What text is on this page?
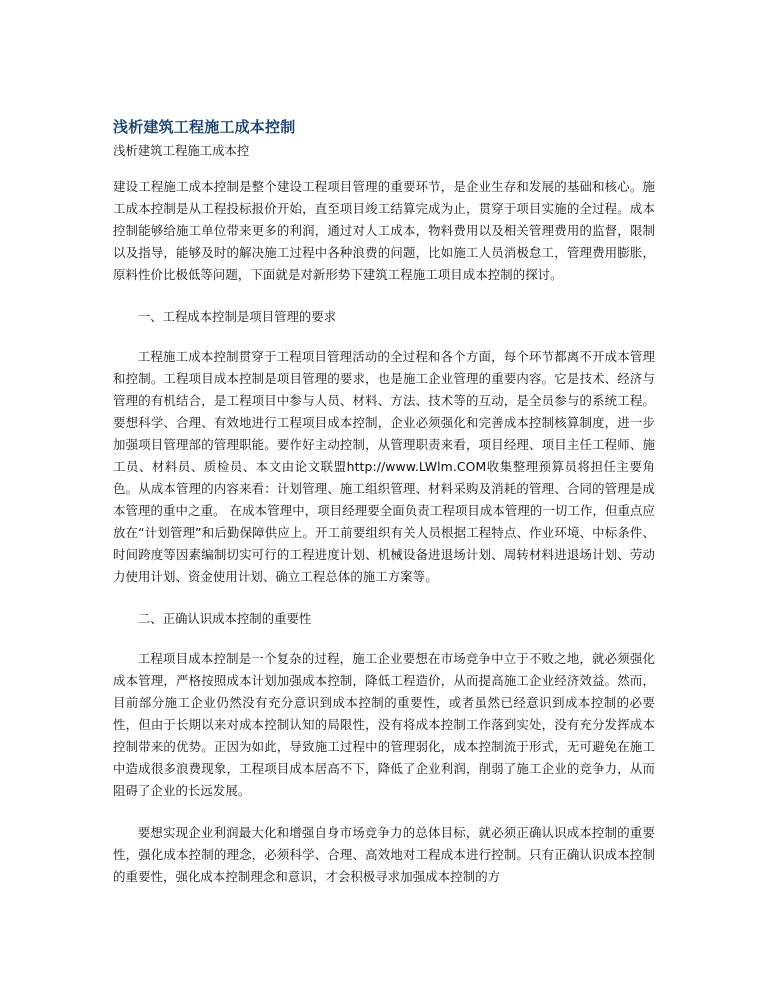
浅析建筑工程施工成本控制
浅析建筑工程施工成本控

建设工程施工成本控制是整个建设工程项目管理的重要环节，是企业生存和发展的基础和核心。施工成本控制是从工程投标报价开始，直至项目竣工结算完成为止，贯穿于项目实施的全过程。成本控制能够给施工单位带来更多的利润，通过对人工成本，物料费用以及相关管理费用的监督，限制以及指导，能够及时的解决施工过程中各种浪费的问题，比如施工人员消极怠工，管理费用膨胀，原料性价比极低等问题，下面就是对新形势下建筑工程施工项目成本控制的探讨。

一、工程成本控制是项目管理的要求

工程施工成本控制贯穿于工程项目管理活动的全过程和各个方面，每个环节都离不开成本管理和控制。工程项目成本控制是项目管理的要求，也是施工企业管理的重要内容。它是技术、经济与管理的有机结合，是工程项目中参与人员、材料、方法、技术等的互动，是全员参与的系统工程。要想科学、合理、有效地进行工程项目成本控制，企业必须强化和完善成本控制核算制度，进一步加强项目管理部的管理职能。要作好主动控制，从管理职责来看，项目经理、项目主任工程师、施工员、材料员、质检员、本文由论文联盟http://www.LWlm.COM收集整理预算员将担任主要角色。从成本管理的内容来看：计划管理、施工组织管理、材料采购及消耗的管理、合同的管理是成本管理的重中之重。 在成本管理中，项目经理要全面负责工程项目成本管理的一切工作，但重点应放在“计划管理”和后勤保障供应上。开工前要组织有关人员根据工程特点、作业环境、中标条件、时间跨度等因素编制切实可行的工程进度计划、机械设备进退场计划、周转材料进退场计划、劳动力使用计划、资金使用计划、确立工程总体的施工方案等。

二、正确认识成本控制的重要性

工程项目成本控制是一个复杂的过程，施工企业要想在市场竞争中立于不败之地，就必须强化成本管理，严格按照成本计划加强成本控制，降低工程造价，从而提高施工企业经济效益。然而，目前部分施工企业仍然没有充分意识到成本控制的重要性，或者虽然已经意识到成本控制的必要性，但由于长期以来对成本控制认知的局限性，没有将成本控制工作落到实处，没有充分发挥成本控制带来的优势。正因为如此，导致施工过程中的管理弱化，成本控制流于形式，无可避免在施工中造成很多浪费现象，工程项目成本居高不下，降低了企业利润，削弱了施工企业的竞争力，从而阻碍了企业的长远发展。

要想实现企业利润最大化和增强自身市场竞争力的总体目标，就必须正确认识成本控制的重要性，强化成本控制的理念，必须科学、合理、高效地对工程成本进行控制。只有正确认识成本控制的重要性，强化成本控制理念和意识，才会积极寻求加强成本控制的方
